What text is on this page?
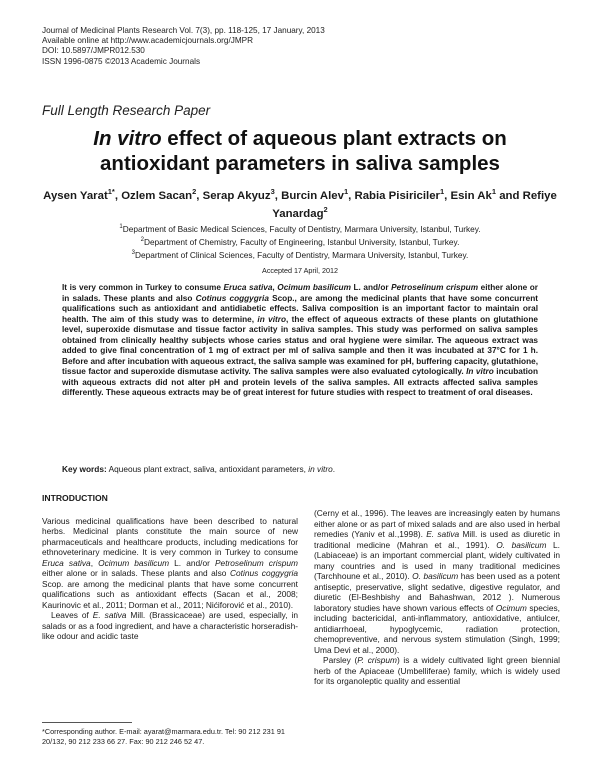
Journal of Medicinal Plants Research Vol. 7(3), pp. 118-125, 17 January, 2013
Available online at http://www.academicjournals.org/JMPR
DOI: 10.5897/JMPR012.530
ISSN 1996-0875 ©2013 Academic Journals
Full Length Research Paper
In vitro effect of aqueous plant extracts on antioxidant parameters in saliva samples
Aysen Yarat$^{1*}$, Ozlem Sacan$^2$, Serap Akyuz$^3$, Burcin Alev$^1$, Rabia Pisiriciler$^1$, Esin Ak$^1$ and Refiye Yanardag$^2$
$^1$Department of Basic Medical Sciences, Faculty of Dentistry, Marmara University, Istanbul, Turkey.
$^2$Department of Chemistry, Faculty of Engineering, Istanbul University, Istanbul, Turkey.
$^3$Department of Clinical Sciences, Faculty of Dentistry, Marmara University, Istanbul, Turkey.
Accepted 17 April, 2012
It is very common in Turkey to consume Eruca sativa, Ocimum basilicum L. and/or Petroselinum crispum either alone or in salads. These plants and also Cotinus coggygria Scop., are among the medicinal plants that have some concurrent qualifications such as antioxidant and antidiabetic effects. Saliva composition is an important factor to maintain oral health. The aim of this study was to determine, in vitro, the effect of aqueous extracts of these plants on glutathione level, superoxide dismutase and tissue factor activity in saliva samples. This study was performed on saliva samples obtained from clinically healthy subjects whose caries status and oral hygiene were similar. The aqueous extract was added to give final concentration of 1 mg of extract per ml of saliva sample and then it was incubated at 37°C for 1 h. Before and after incubation with aqueous extract, the saliva sample was examined for pH, buffering capacity, glutathione, tissue factor and superoxide dismutase activity. The saliva samples were also evaluated cytologically. In vitro incubation with aqueous extracts did not alter pH and protein levels of the saliva samples. All extracts affected saliva samples differently. These aqueous extracts may be of great interest for future studies with respect to treatment of oral diseases.
Key words: Aqueous plant extract, saliva, antioxidant parameters, in vitro.
INTRODUCTION

Various medicinal qualifications have been described to natural herbs. Medicinal plants constitute the main source of new pharmaceuticals and healthcare products, including medications for ethnoveterinary medicine. It is very common in Turkey to consume Eruca sativa, Ocimum basilicum L. and/or Petroselinum crispum either alone or in salads. These plants and also Cotinus coggygria Scop. are among the medicinal plants that have some concurrent qualifications such as antioxidant effects (Sacan et al., 2008; Kaurinovic et al., 2011; Dorman et al., 2011; Nićiforović et al., 2010).

Leaves of E. sativa Mill. (Brassicaceae) are used, especially, in salads or as a food ingredient, and have a characteristic horseradish-like odour and acidic taste

(Cerny et al., 1996). The leaves are increasingly eaten by humans either alone or as part of mixed salads and are also used in herbal remedies (Yaniv et al.,1998). E. sativa Mill. is used as diuretic in traditional medicine (Mahran et al., 1991). O. basilicum L. (Labiaceae) is an important commercial plant, widely cultivated in many countries and is used in many traditional medicines (Tarchhoune et al., 2010). O. basilicum has been used as a potent antiseptic, preservative, slight sedative, digestive regulator, and diuretic (El-Beshbishy and Bahashwan, 2012 ). Numerous laboratory studies have shown various effects of Ocimum species, including bactericidal, anti-inflammatory, antioxidative, antiulcer, antidiarrhoeal, hypoglycemic, radiation protection, chemopreventive, and nervous system stimulation (Singh, 1999; Uma Devi et al., 2000).

Parsley (P. crispum) is a widely cultivated light green biennial herb of the Apiaceae (Umbelliferae) family, which is widely used for its organoleptic quality and essential

*Corresponding author. E-mail: ayarat@marmara.edu.tr. Tel: 90 212 231 91 20/132, 90 212 233 66 27. Fax: 90 212 246 52 47.
